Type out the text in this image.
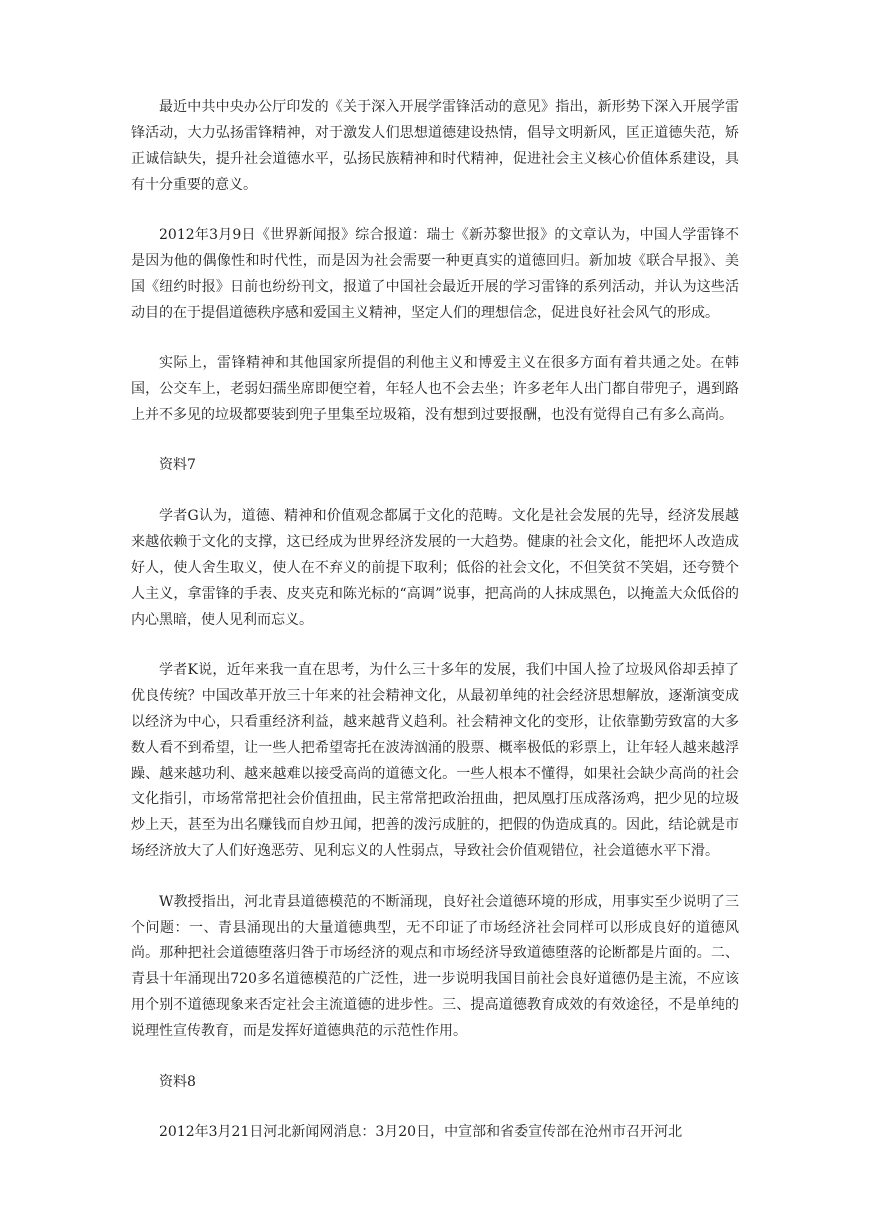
最近中共中央办公厅印发的《关于深入开展学雷锋活动的意见》指出，新形势下深入开展学雷锋活动，大力弘扬雷锋精神，对于激发人们思想道德建设热情，倡导文明新风，匡正道德失范，矫正诚信缺失，提升社会道德水平，弘扬民族精神和时代精神，促进社会主义核心价值体系建设，具有十分重要的意义。

2012年3月9日《世界新闻报》综合报道：瑞士《新苏黎世报》的文章认为，中国人学雷锋不是因为他的偶像性和时代性，而是因为社会需要一种更真实的道德回归。新加坡《联合早报》、美国《纽约时报》日前也纷纷刊文，报道了中国社会最近开展的学习雷锋的系列活动，并认为这些活动目的在于提倡道德秩序感和爱国主义精神，坚定人们的理想信念，促进良好社会风气的形成。

实际上，雷锋精神和其他国家所提倡的利他主义和博爱主义在很多方面有着共通之处。在韩国，公交车上，老弱妇孺坐席即便空着，年轻人也不会去坐；许多老年人出门都自带兜子，遇到路上并不多见的垃圾都要装到兜子里集至垃圾箱，没有想到过要报酬，也没有觉得自己有多么高尚。

资料7

学者G认为，道德、精神和价值观念都属于文化的范畴。文化是社会发展的先导，经济发展越来越依赖于文化的支撑，这已经成为世界经济发展的一大趋势。健康的社会文化，能把坏人改造成好人，使人舍生取义，使人在不弃义的前提下取利；低俗的社会文化，不但笑贫不笑娼，还夸赞个人主义，拿雷锋的手表、皮夹克和陈光标的“高调”说事，把高尚的人抹成黑色，以掩盖大众低俗的内心黑暗，使人见利而忘义。

学者K说，近年来我一直在思考，为什么三十多年的发展，我们中国人捡了垃圾风俗却丢掉了优良传统？中国改革开放三十年来的社会精神文化，从最初单纯的社会经济思想解放，逐渐演变成以经济为中心，只看重经济利益，越来越背义趋利。社会精神文化的变形，让依靠勤劳致富的大多数人看不到希望，让一些人把希望寄托在波涛汹涌的股票、概率极低的彩票上，让年轻人越来越浮躁、越来越功利、越来越难以接受高尚的道德文化。一些人根本不懂得，如果社会缺少高尚的社会文化指引，市场常常把社会价值扭曲，民主常常把政治扭曲，把凤凰打压成落汤鸡，把少见的垃圾炒上天，甚至为出名赚钱而自炒丑闻，把善的泼污成脏的，把假的伪造成真的。因此，结论就是市场经济放大了人们好逸恶劳、见利忘义的人性弱点，导致社会价值观错位，社会道德水平下滑。

W教授指出，河北青县道德模范的不断涌现，良好社会道德环境的形成，用事实至少说明了三个问题：一、青县涌现出的大量道德典型，无不印证了市场经济社会同样可以形成良好的道德风尚。那种把社会道德堕落归咎于市场经济的观点和市场经济导致道德堕落的论断都是片面的。二、青县十年涌现出720多名道德模范的广泛性，进一步说明我国目前社会良好道德仍是主流，不应该用个别不道德现象来否定社会主流道德的进步性。三、提高道德教育成效的有效途径，不是单纯的说理性宣传教育，而是发挥好道德典范的示范性作用。

资料8

2012年3月21日河北新闻网消息：3月20日，中宣部和省委宣传部在沧州市召开河北
